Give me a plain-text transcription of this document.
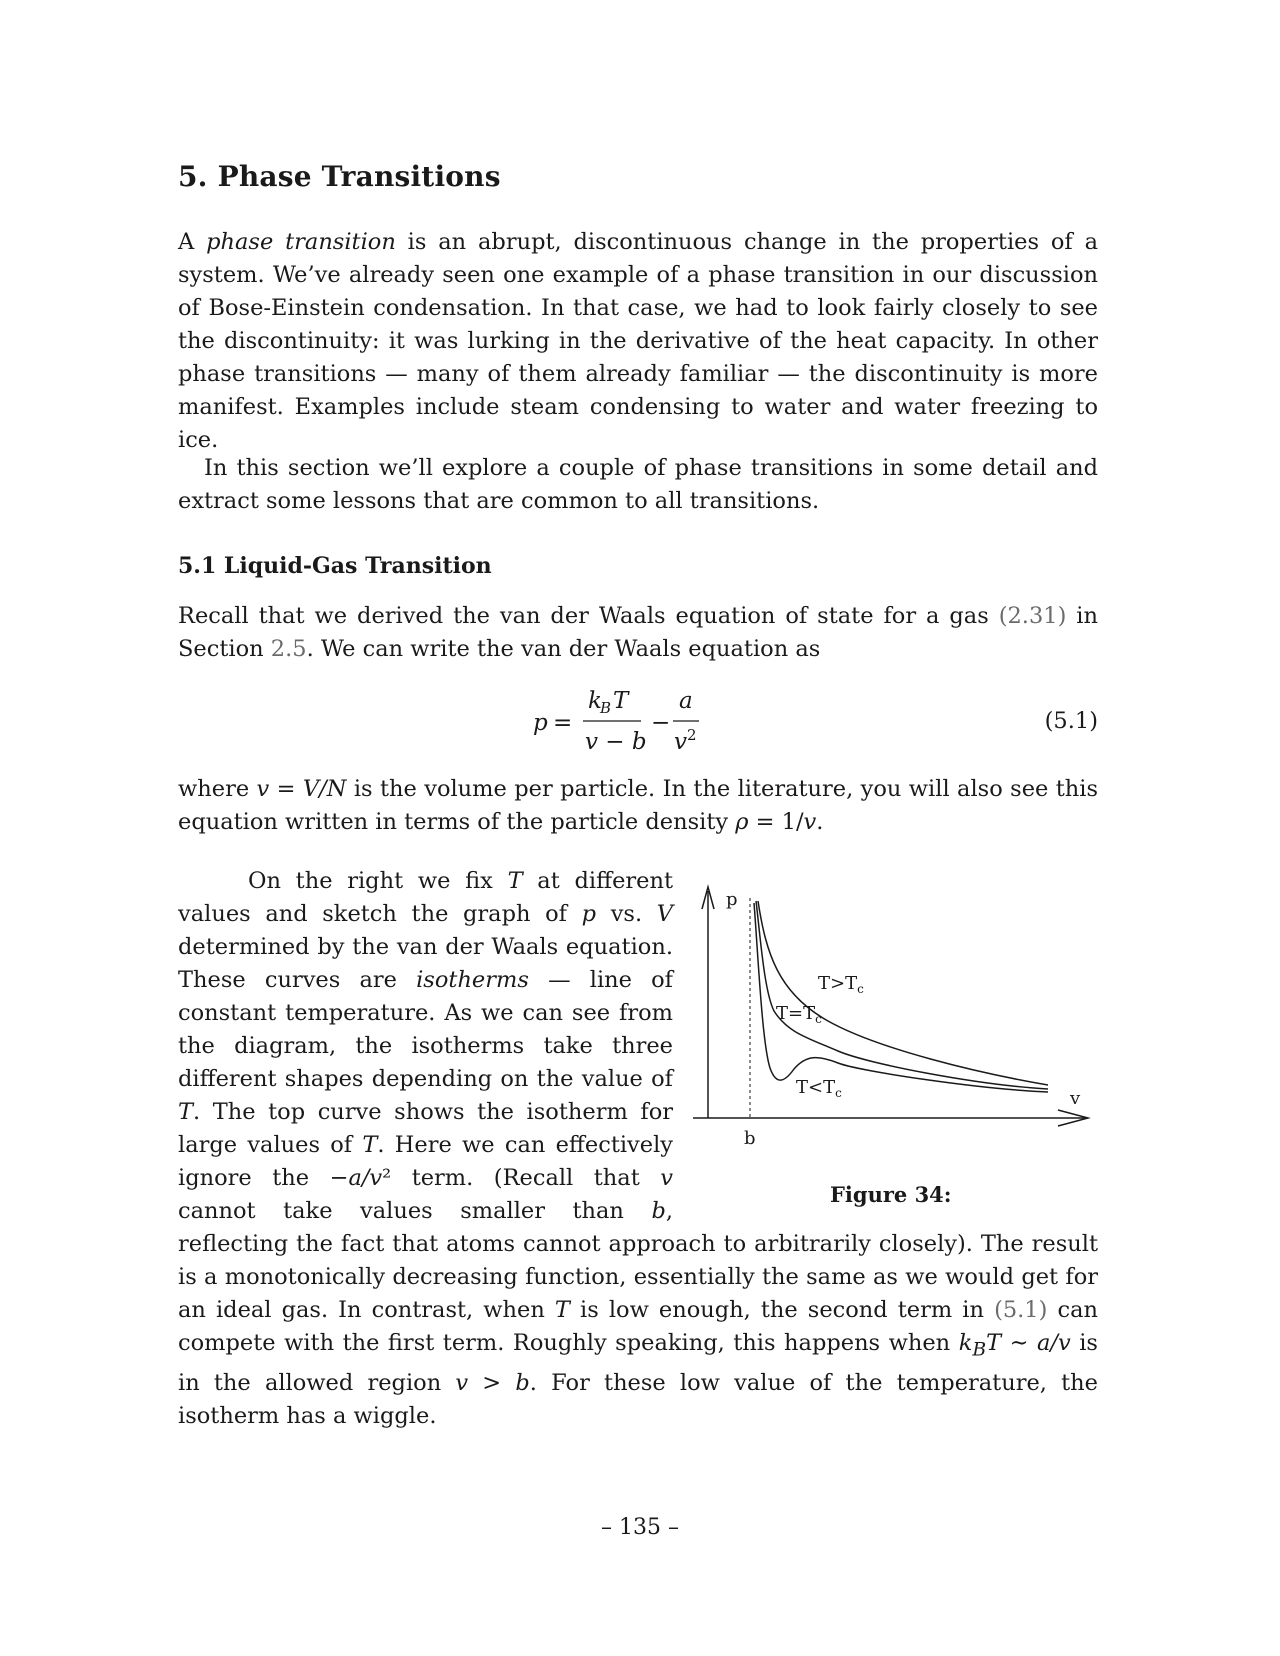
5. Phase Transitions

A phase transition is an abrupt, discontinuous change in the properties of a system. We’ve already seen one example of a phase transition in our discussion of Bose-Einstein condensation. In that case, we had to look fairly closely to see the discontinuity: it was lurking in the derivative of the heat capacity. In other phase transitions — many of them already familiar — the discontinuity is more manifest. Examples include steam condensing to water and water freezing to ice.

In this section we’ll explore a couple of phase transitions in some detail and extract some lessons that are common to all transitions.

5.1 Liquid-Gas Transition

Recall that we derived the van der Waals equation of state for a gas (2.31) in Section 2.5. We can write the van der Waals equation as

p =
k
B T
v − b
−
a
v 2
(5.1)

where v = V/N is the volume per particle. In the literature, you will also see this equation written in terms of the particle density ρ = 1/v.

On the right we fix T at different values and sketch the graph of p vs. V determined by the van der Waals equation. These curves are isotherms — line of constant temperature. As we can see from the diagram, the isotherms take three different shapes depending on the value of T. The top curve shows the isotherm for large values of T. Here we can effectively ignore the −a/v² term. (Recall that v cannot take values smaller than b, reflecting the fact that atoms cannot approach to arbitrarily closely). The result is a monotonically decreasing function, essentially the same as we would get for an ideal gas. In contrast, when T is low enough, the second term in (5.1) can compete with the first term. Roughly speaking, this happens when $k_BT$ ∼ a/v is in the allowed region v > b. For these low value of the temperature, the isotherm has a wiggle.

p
v
b
$T>T_c$
$T=T_c$
$T<T_c$
Figure 34:
– 135 –
